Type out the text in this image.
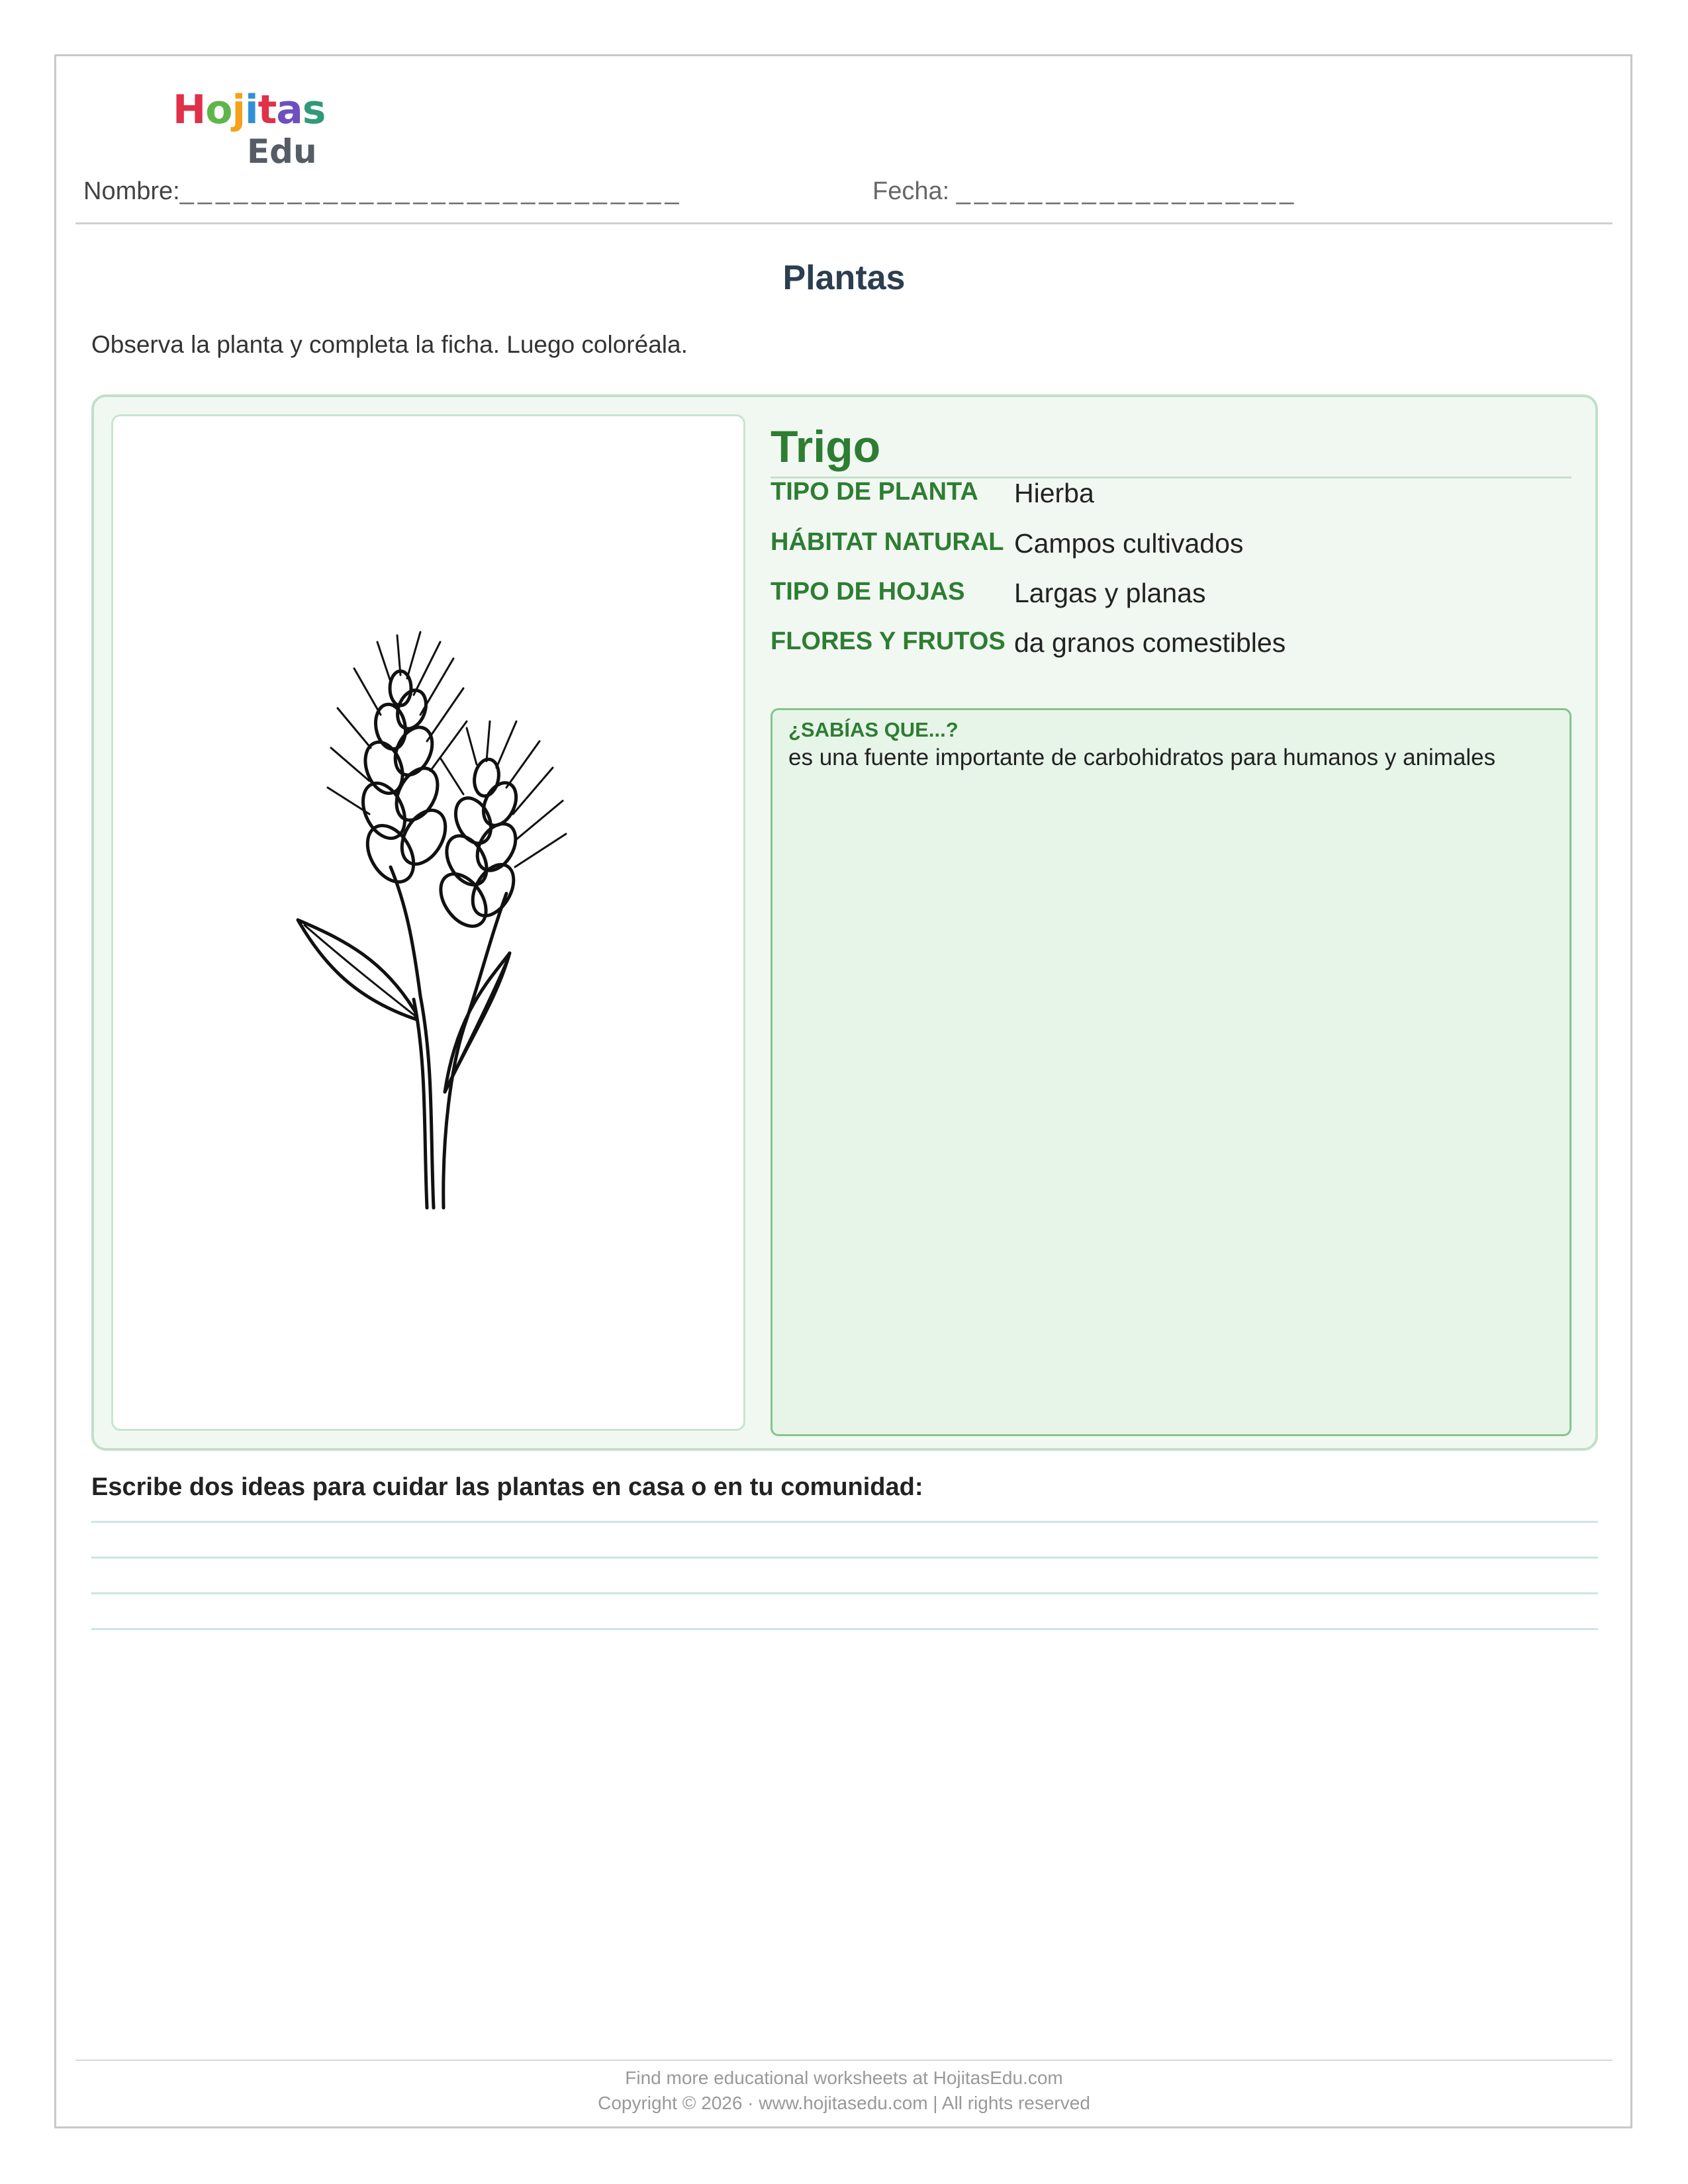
Hojitas
Edu
Nombre:____________________________	Fecha: ___________________
Plantas
Observa la planta y completa la ficha. Luego coloréala.
Trigo
TIPO DE PLANTA Hierba
HÁBITAT NATURAL Campos cultivados
TIPO DE HOJAS Largas y planas
FLORES Y FRUTOS da granos comestibles
¿SABÍAS QUE...?
es una fuente importante de carbohidratos para humanos y animales
Escribe dos ideas para cuidar las plantas en casa o en tu comunidad:
Find more educational worksheets at HojitasEdu.com
Copyright © 2026 · www.hojitasedu.com | All rights reserved
